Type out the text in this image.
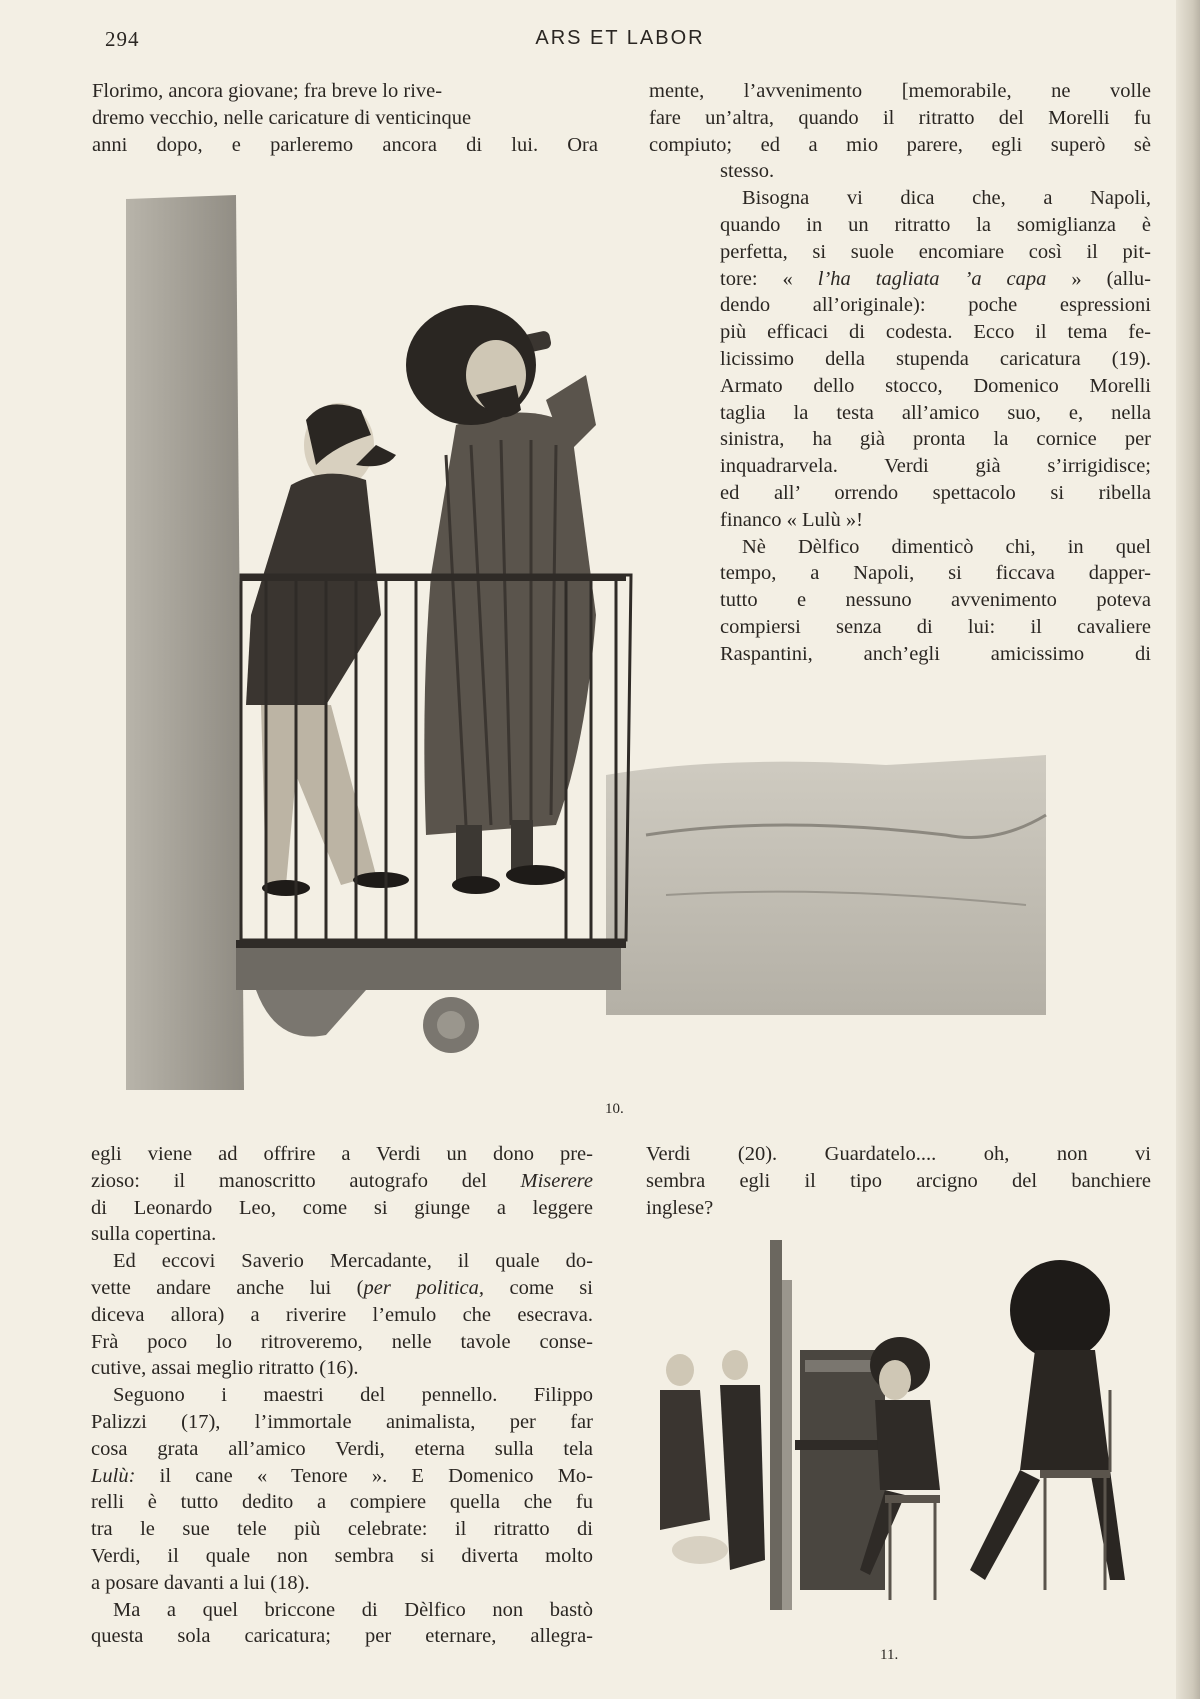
294	ARS ET LABOR

Florimo, ancora giovane; fra breve lo rive-

dremo vecchio, nelle caricature di venticinque

anni dopo, e parleremo ancora di lui. Ora

mente, l’avvenimento [memorabile, ne volle

fare un’altra, quando il ritratto del Morelli fu

compiuto; ed a mio parere, egli superò sè

stesso.

Bisogna vi dica che, a Napoli,

quando in un ritratto la somiglianza è

perfetta, si suole encomiare così il pit-

tore: « l’ha tagliata ’a capa » (allu-

dendo all’originale): poche espressioni

più efficaci di codesta. Ecco il tema fe-

licissimo della stupenda caricatura (19).

Armato dello stocco, Domenico Morelli

taglia la testa all’amico suo, e, nella

sinistra, ha già pronta la cornice per

inquadrarvela. Verdi già s’irrigidisce;

ed all’ orrendo spettacolo si ribella

financo « Lulù »!

Nè Dèlfico dimenticò chi, in quel

tempo, a Napoli, si ficcava dapper-

tutto e nessuno avvenimento poteva

compiersi senza di lui: il cavaliere

Raspantini, anch’egli amicissimo di

10.

egli viene ad offrire a Verdi un dono pre-

zioso: il manoscritto autografo del Miserere

di Leonardo Leo, come si giunge a leggere

sulla copertina.

Ed eccovi Saverio Mercadante, il quale do-

vette andare anche lui (per politica, come si

diceva allora) a riverire l’emulo che esecrava.

Frà poco lo ritroveremo, nelle tavole conse-

cutive, assai meglio ritratto (16).

Seguono i maestri del pennello. Filippo

Palizzi (17), l’immortale animalista, per far

cosa grata all’amico Verdi, eterna sulla tela

Lulù: il cane « Tenore ». E Domenico Mo-

relli è tutto dedito a compiere quella che fu

tra le sue tele più celebrate: il ritratto di

Verdi, il quale non sembra si diverta molto

a posare davanti a lui (18).

Ma a quel briccone di Dèlfico non bastò

questa sola caricatura; per eternare, allegra-

Verdi (20). Guardatelo.... oh, non vi

sembra egli il tipo arcigno del banchiere

inglese?

11.
